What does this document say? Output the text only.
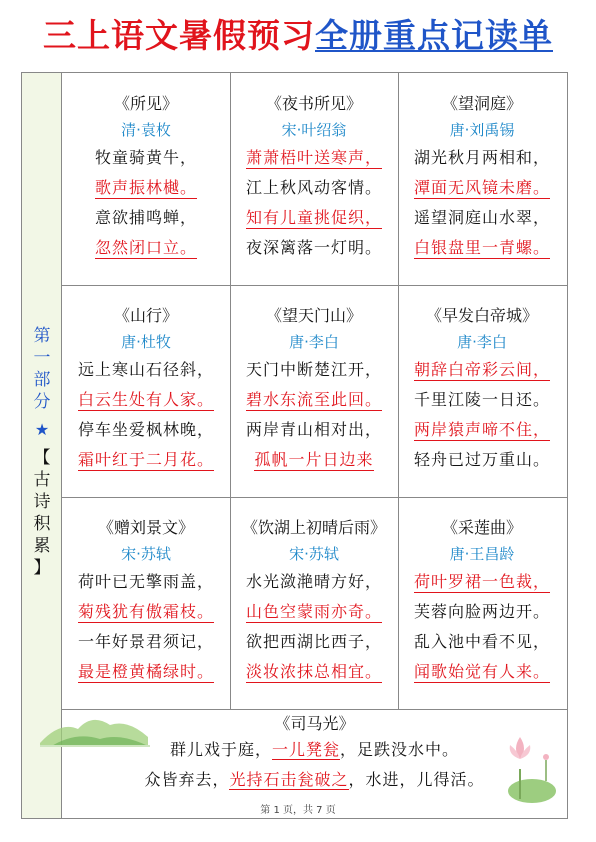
三上语文暑假预习全册重点记读单
第
一
部
分
★
【
古
诗
积
累
】
《所见》
清·袁枚
牧童骑黄牛，
歌声振林樾。
意欲捕鸣蝉，
忽然闭口立。
《夜书所见》
宋·叶绍翁
萧萧梧叶送寒声，
江上秋风动客情。
知有儿童挑促织，
夜深篱落一灯明。
《望洞庭》
唐·刘禹锡
湖光秋月两相和，
潭面无风镜未磨。
遥望洞庭山水翠，
白银盘里一青螺。
《山行》
唐·杜牧
远上寒山石径斜，
白云生处有人家。
停车坐爱枫林晚，
霜叶红于二月花。
《望天门山》
唐·李白
天门中断楚江开，
碧水东流至此回。
两岸青山相对出，
孤帆一片日边来
《早发白帝城》
唐·李白
朝辞白帝彩云间，
千里江陵一日还。
两岸猿声啼不住，
轻舟已过万重山。
《赠刘景文》
宋·苏轼
荷叶已无擎雨盖，
菊残犹有傲霜枝。
一年好景君须记，
最是橙黄橘绿时。
《饮湖上初晴后雨》
宋·苏轼
水光潋滟晴方好，
山色空蒙雨亦奇。
欲把西湖比西子，
淡妆浓抹总相宜。
《采莲曲》
唐·王昌龄
荷叶罗裙一色裁，
芙蓉向脸两边开。
乱入池中看不见，
闻歌始觉有人来。
《司马光》
群儿戏于庭，一儿凳瓮，足跌没水中。
众皆弃去，光持石击瓮破之，水进，儿得活。
第 1 页，共 7 页
